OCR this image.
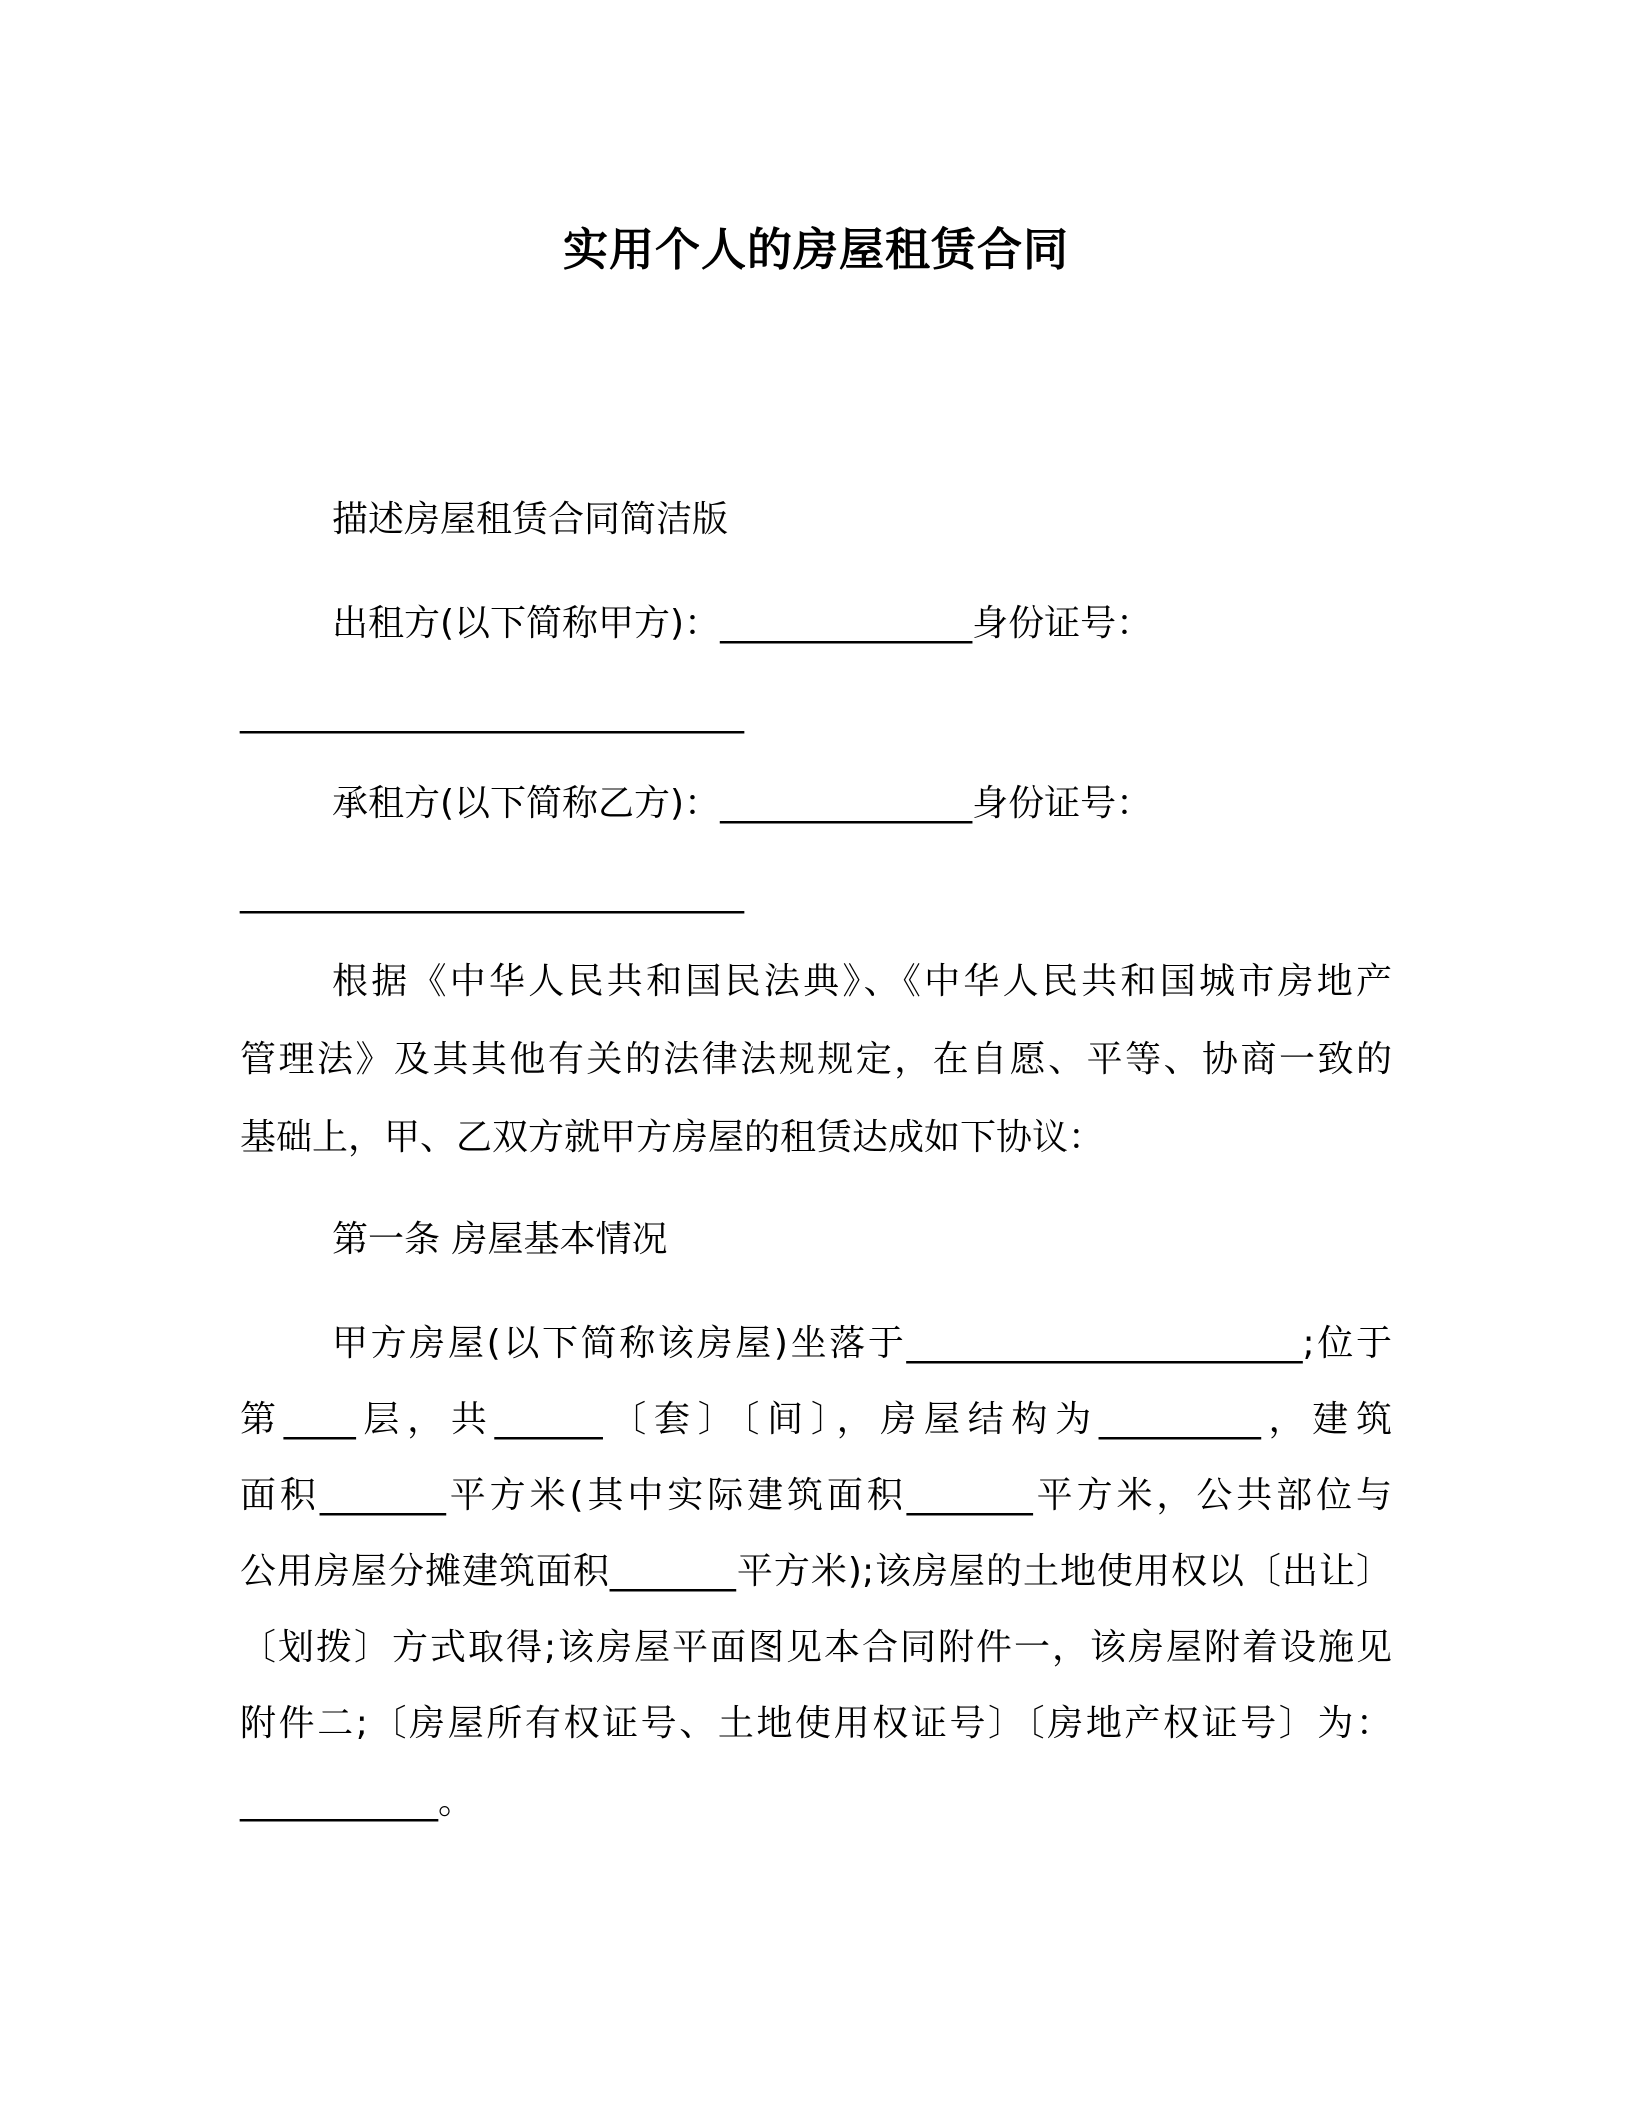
实用个人的房屋租赁合同
描述房屋租赁合同简洁版
出租方(以下简称甲方)：______________身份证号：
____________________________
承租方(以下简称乙方)：______________身份证号：
____________________________
根据《中华人民共和国民法典》、《中华人民共和国城市房地产
管理法》及其其他有关的法律法规规定，在自愿、平等、协商一致的
基础上，甲、乙双方就甲方房屋的租赁达成如下协议：
第一条 房屋基本情况
甲方房屋(以下简称该房屋)坐落于______________________;位于
第____层，共______〔套〕〔间〕，房屋结构为_________，建筑
面积_______平方米(其中实际建筑面积_______平方米，公共部位与
公用房屋分摊建筑面积_______平方米);该房屋的土地使用权以〔出让〕
〔划拨〕方式取得;该房屋平面图见本合同附件一，该房屋附着设施见
附件二;〔房屋所有权证号、土地使用权证号〕〔房地产权证号〕为：
___________。
